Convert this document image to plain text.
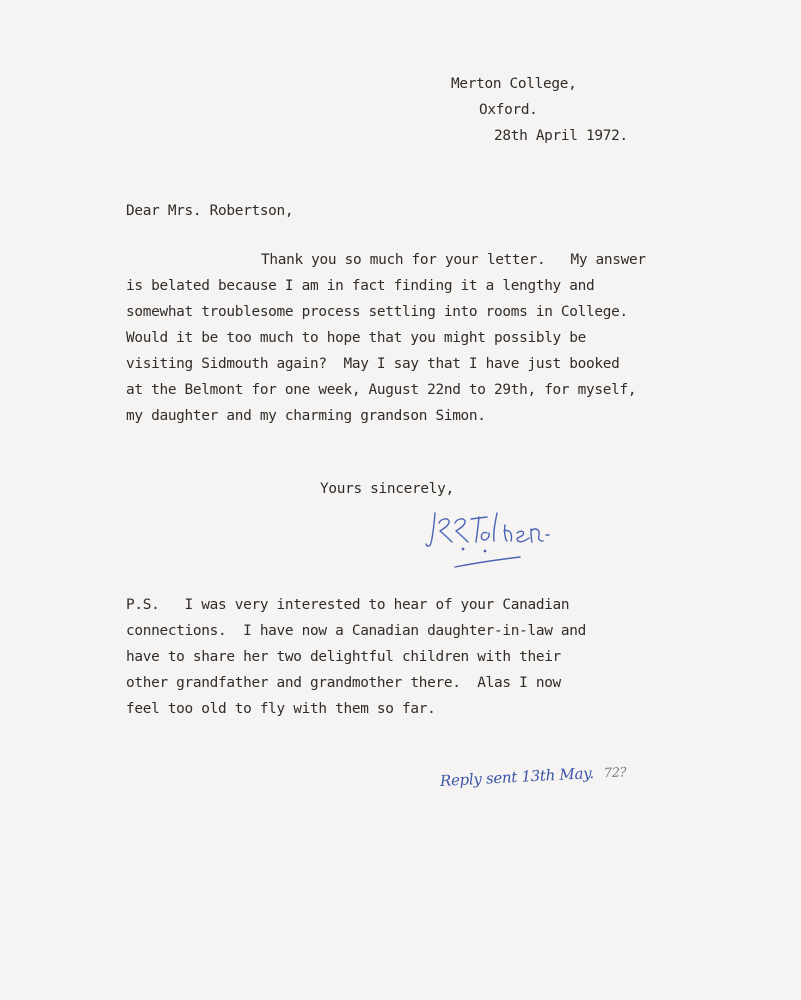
Merton College,
Oxford.
28th April 1972.
Dear Mrs. Robertson,
Thank you so much for your letter.   My answer
is belated because I am in fact finding it a lengthy and
somewhat troublesome process settling into rooms in College.
Would it be too much to hope that you might possibly be
visiting Sidmouth again?  May I say that I have just booked
at the Belmont for one week, August 22nd to 29th, for myself,
my daughter and my charming grandson Simon.
Yours sincerely,
P.S.   I was very interested to hear of your Canadian
connections.  I have now a Canadian daughter-in-law and
have to share her two delightful children with their
other grandfather and grandmother there.  Alas I now
feel too old to fly with them so far.
Reply sent 13th May. 72?
